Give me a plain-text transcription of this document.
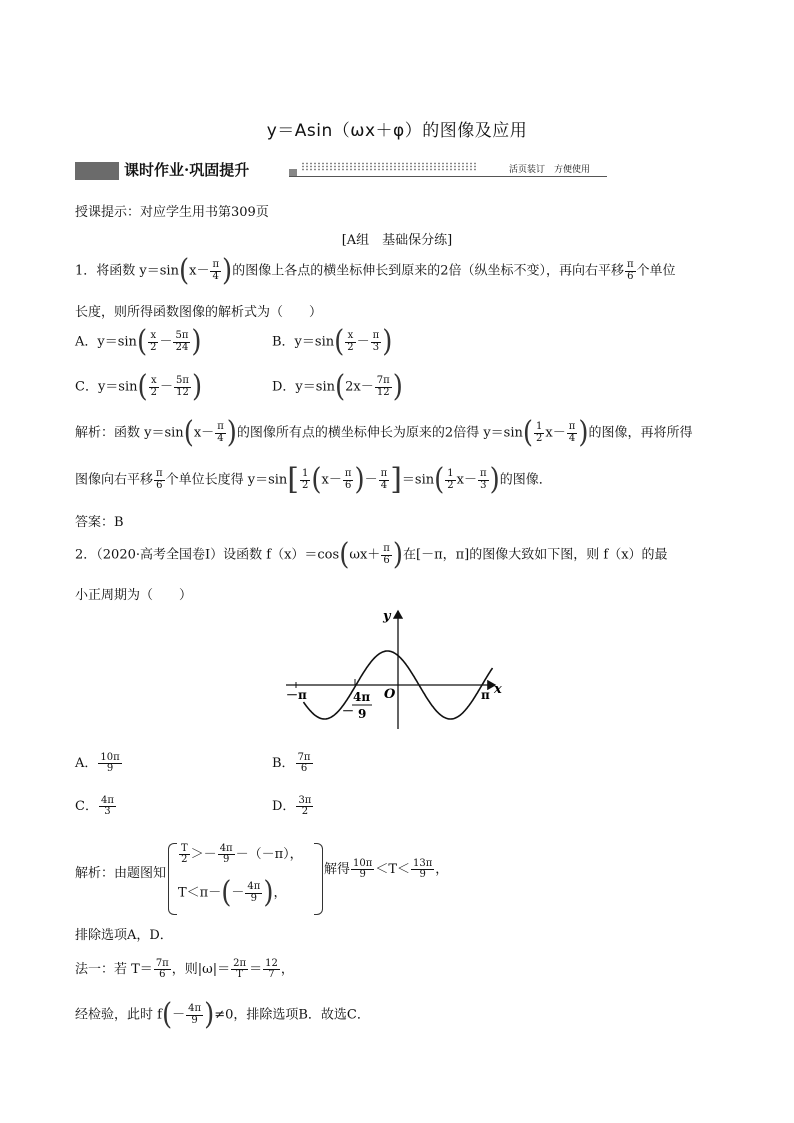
y＝Asin（ωx＋φ）的图像及应用
课时作业·巩固提升	活页装订　方便使用
授课提示：对应学生用书第309页
[A组　基础保分练]
1．将函数 $y=\sin(x- \frac{\pi}{4}$ )的图像上各点的横坐标伸长到原来的2倍（纵坐标不变），再向右平移 $\frac{\pi}{6}$ 个单位
长度，则所得函数图像的解析式为（　　）
A．$y=\sin( \frac{x}{2} - \frac{5\pi}{24}$ )	B．$y=\sin( \frac{x}{2} - \frac{\pi}{3}$ )
C．$y=\sin( \frac{x}{2} - \frac{5\pi}{12}$ )	D．$y=\sin(2x- \frac{7\pi}{12}$ )
解析：函数 $y=\sin(x- \frac{\pi}{4}$ )的图像所有点的横坐标伸长为原来的2倍得 $y=\sin( \frac{1}{2} x- \frac{\pi}{4}$ )的图像，再将所得
图像向右平移 $\frac{\pi}{6}$ 个单位长度得 $y=\sin[ \frac{1}{2} (x- \frac{\pi}{6}$ )－ $\frac{\pi}{4} ]=\sin( \frac{1}{2} x- \frac{\pi}{3}$ )的图像．
答案：B
2．（2020·高考全国卷Ⅰ）设函数 $f(x)=\cos(\omega x+ \frac{\pi}{6}$ )在[－π，π]的图像大致如下图，则 f（x）的最
小正周期为（　　）
y
x
O
－π	π
－
4π
9
A． $\frac{10\pi}{9}$	B． $\frac{7\pi}{6}$
C． $\frac{4\pi}{3}$	D． $\frac{3\pi}{2}$
解析：由题图知
$\frac{T}{2} >- \frac{4\pi}{9} -(-\pi)$，
$T<\pi-(- \frac{4\pi}{9}$ )，
解得 $\frac{10\pi}{9} <T< \frac{13\pi}{9}$ ，
排除选项A，D．
法一：若 $T= \frac{7\pi}{6}$ ，则$|\omega|= \frac{2\pi}{T} = \frac{12}{7}$ ，
经检验，此时 $f(- \frac{4\pi}{9} )\ne 0$，排除选项B．故选C．
